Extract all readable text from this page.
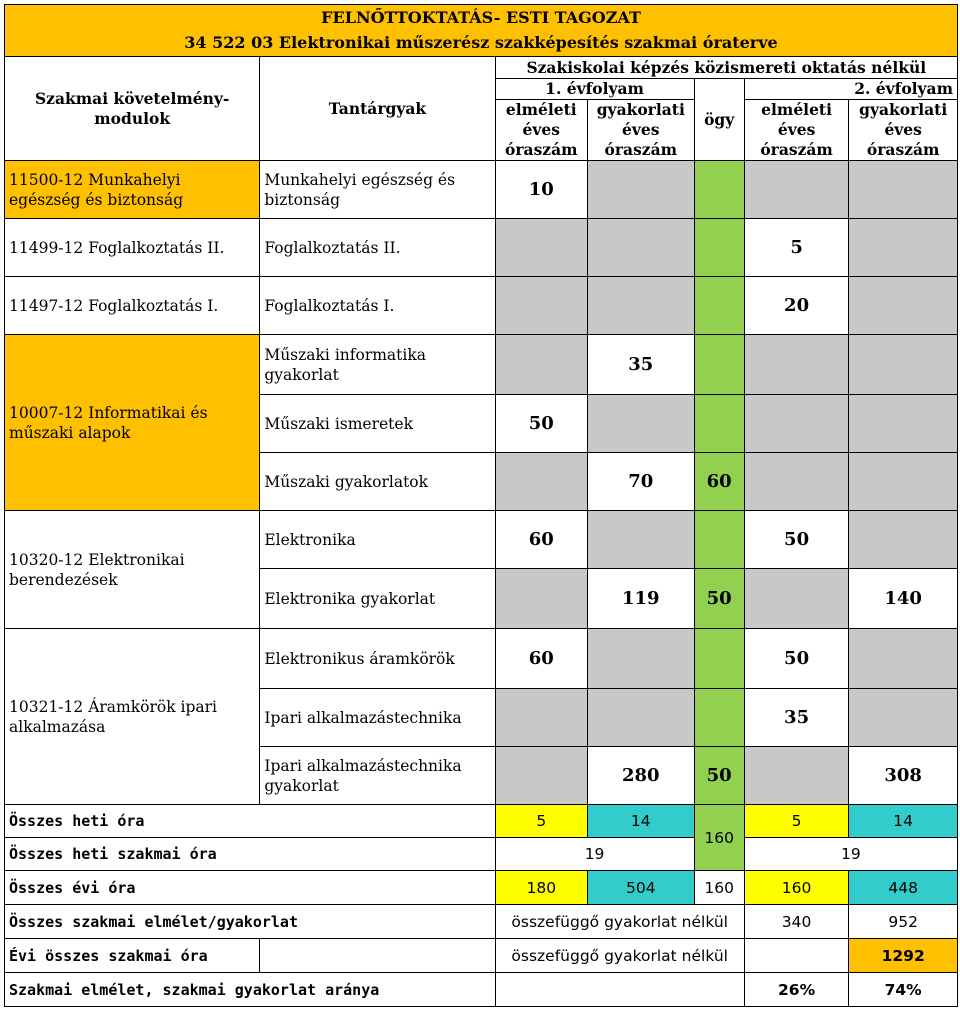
FELNŐTTOKTATÁS- ESTI TAGOZAT						
34 522 03 Elektronikai műszerész szakképesítés szakmai óraterve						
Szakmai követelmény-modulok	Tantárgyak	Szakiskolai képzés közismereti oktatás nélkül				
		1. évfolyam		ögy	2. évfolyam	
		elméleti éves óraszám	gyakorlati éves óraszám		elméleti éves óraszám	gyakorlati éves óraszám
11500-12 Munkahelyi egészség és biztonság	Munkahelyi egészség és biztonság	10				
11499-12 Foglalkoztatás II.	Foglalkoztatás II.				5	
11497-12 Foglalkoztatás I.	Foglalkoztatás I.				20	
10007-12 Informatikai és műszaki alapok	Műszaki informatika gyakorlat		35			
	Műszaki ismeretek	50				
	Műszaki gyakorlatok		70	60		
10320-12 Elektronikai berendezések	Elektronika	60			50	
	Elektronika gyakorlat		119	50		140
10321-12 Áramkörök ipari alkalmazása	Elektronikus áramkörök	60			50	
	Ipari alkalmazástechnika				35	
	Ipari alkalmazástechnika gyakorlat		280	50		308
Összes heti óra		5	14	160	5	14
Összes heti szakmai óra		19			19	
Összes évi óra		180	504	160	160	448
Összes szakmai elmélet/gyakorlat		összefüggő gyakorlat nélkül			340	952
Évi összes szakmai óra		összefüggő gyakorlat nélkül				1292
Szakmai elmélet, szakmai gyakorlat aránya					26%	74%
